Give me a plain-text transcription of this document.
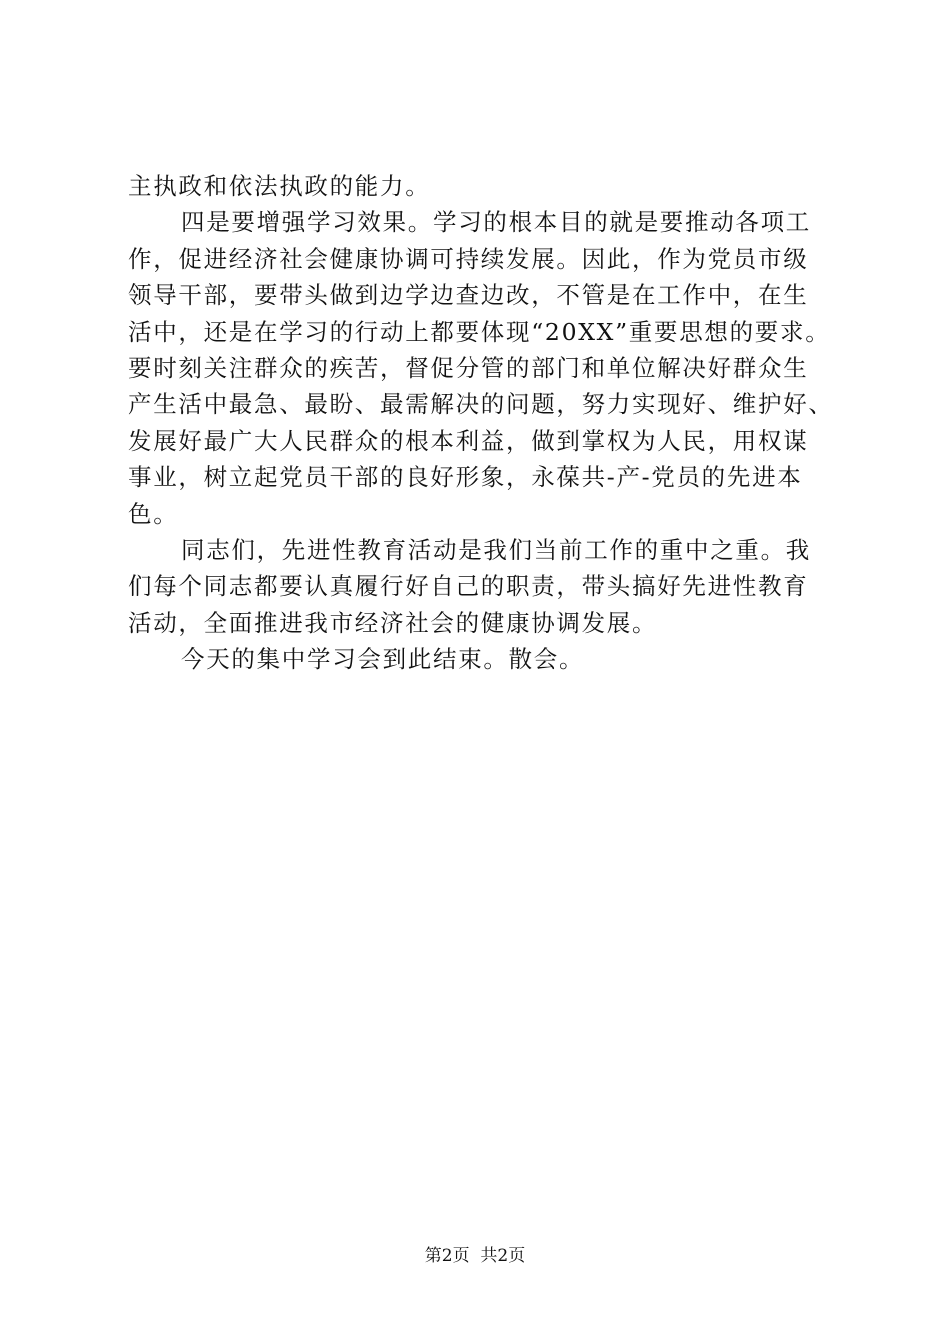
主执政和依法执政的能力。
四是要增强学习效果。学习的根本目的就是要推动各项工
作，促进经济社会健康协调可持续发展。因此，作为党员市级
领导干部，要带头做到边学边查边改，不管是在工作中，在生
活中，还是在学习的行动上都要体现“20XX”重要思想的要求。
要时刻关注群众的疾苦，督促分管的部门和单位解决好群众生
产生活中最急、最盼、最需解决的问题，努力实现好、维护好、
发展好最广大人民群众的根本利益，做到掌权为人民，用权谋
事业，树立起党员干部的良好形象，永葆共-产-党员的先进本
色。
同志们，先进性教育活动是我们当前工作的重中之重。我
们每个同志都要认真履行好自己的职责，带头搞好先进性教育
活动，全面推进我市经济社会的健康协调发展。
今天的集中学习会到此结束。散会。
第2页  共2页
